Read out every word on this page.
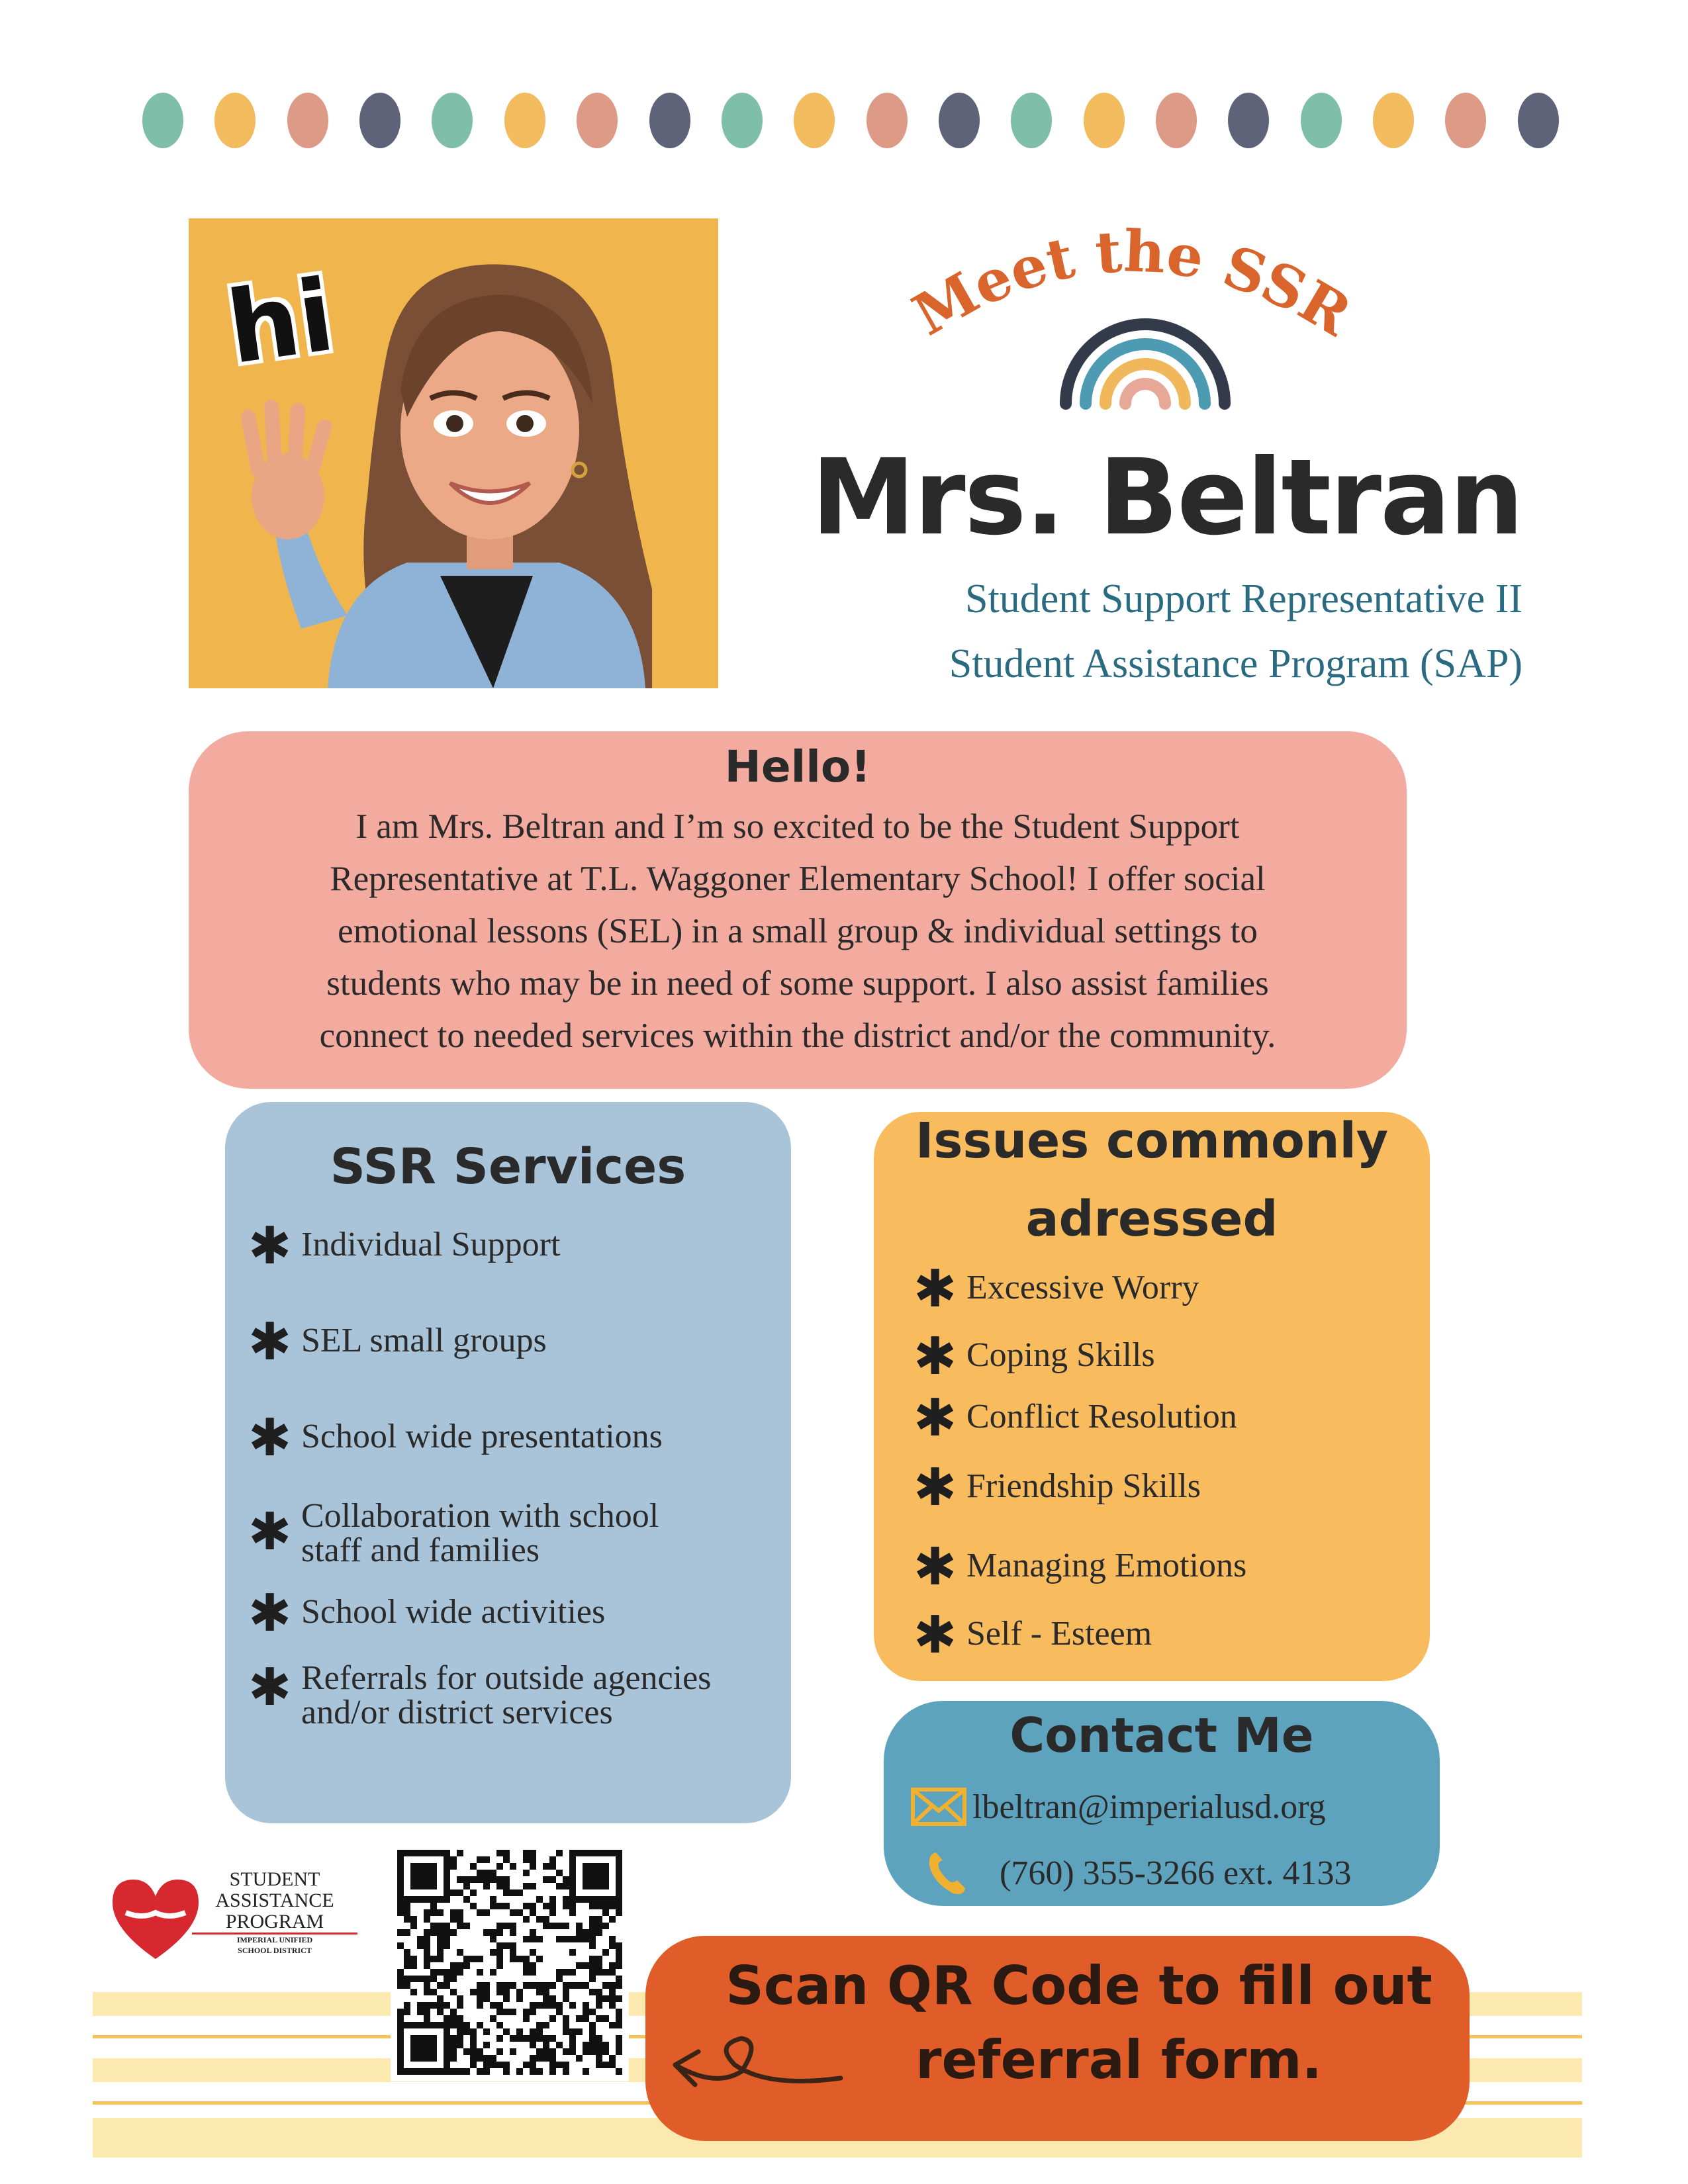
hi	Meet the SSR
Mrs. Beltran
Student Support Representative II
Student Assistance Program (SAP)
Hello!
I am Mrs. Beltran and I’m so excited to be the Student Support
Representative at T.L. Waggoner Elementary School! I offer social
emotional lessons (SEL) in a small group & individual settings to
students who may be in need of some support. I also assist families
connect to needed services within the district and/or the community.
SSR Services
✱ Individual Support
✱ SEL small groups
✱ School wide presentations
✱ Collaboration with school staff and families
✱ School wide activities
✱ Referrals for outside agencies and/or district services
Issues commonly
adressed
✱ Excessive Worry
✱ Coping Skills
✱ Conflict Resolution
✱ Friendship Skills
✱ Managing Emotions
✱ Self - Esteem
Contact Me
lbeltran@imperialusd.org
(760) 355-3266 ext. 4133
STUDENT
ASSISTANCE
PROGRAM
IMPERIAL UNIFIED
SCHOOL DISTRICT
Scan QR Code to fill out
referral form.
